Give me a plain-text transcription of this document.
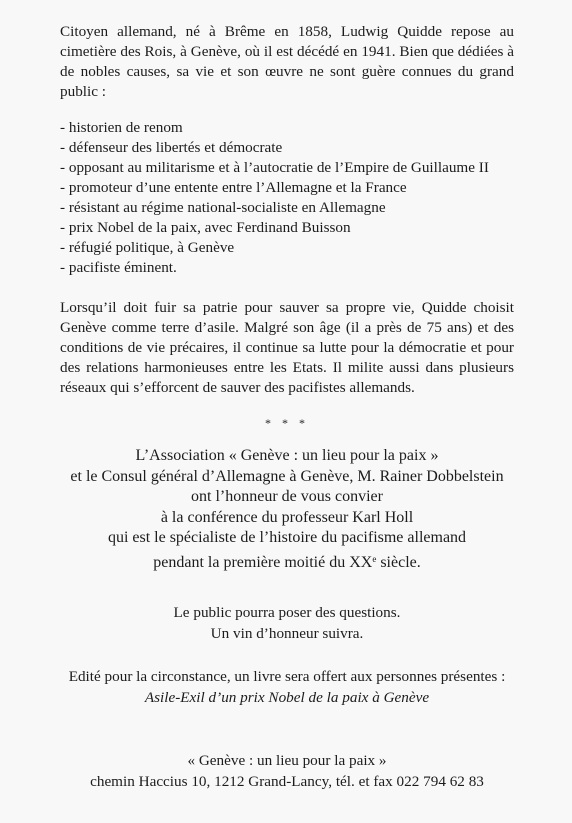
Citoyen allemand, né à Brême en 1858, Ludwig Quidde repose au cimetière des Rois, à Genève, où il est décédé en 1941. Bien que dédiées à de nobles causes, sa vie et son œuvre ne sont guère connues du grand public :

- historien de renom
- défenseur des libertés et démocrate
- opposant au militarisme et à l’autocratie de l’Empire de Guillaume II
- promoteur d’une entente entre l’Allemagne et la France
- résistant au régime national-socialiste en Allemagne
- prix Nobel de la paix, avec Ferdinand Buisson
- réfugié politique, à Genève
- pacifiste éminent.

Lorsqu’il doit fuir sa patrie pour sauver sa propre vie, Quidde choisit Genève comme terre d’asile. Malgré son âge (il a près de 75 ans) et des conditions de vie précaires, il continue sa lutte pour la démocratie et pour des relations harmonieuses entre les Etats. Il milite aussi dans plusieurs réseaux qui s’efforcent de sauver des pacifistes allemands.

* * *
L’Association « Genève : un lieu pour la paix »
et le Consul général d’Allemagne à Genève, M. Rainer Dobbelstein
ont l’honneur de vous convier
à la conférence du professeur Karl Holl
qui est le spécialiste de l’histoire du pacifisme allemand
pendant la première moitié du XXe siècle.
Le public pourra poser des questions.
Un vin d’honneur suivra.
Edité pour la circonstance, un livre sera offert aux personnes présentes :
Asile-Exil d’un prix Nobel de la paix à Genève
« Genève : un lieu pour la paix »
chemin Haccius 10, 1212 Grand-Lancy, tél. et fax 022 794 62 83
